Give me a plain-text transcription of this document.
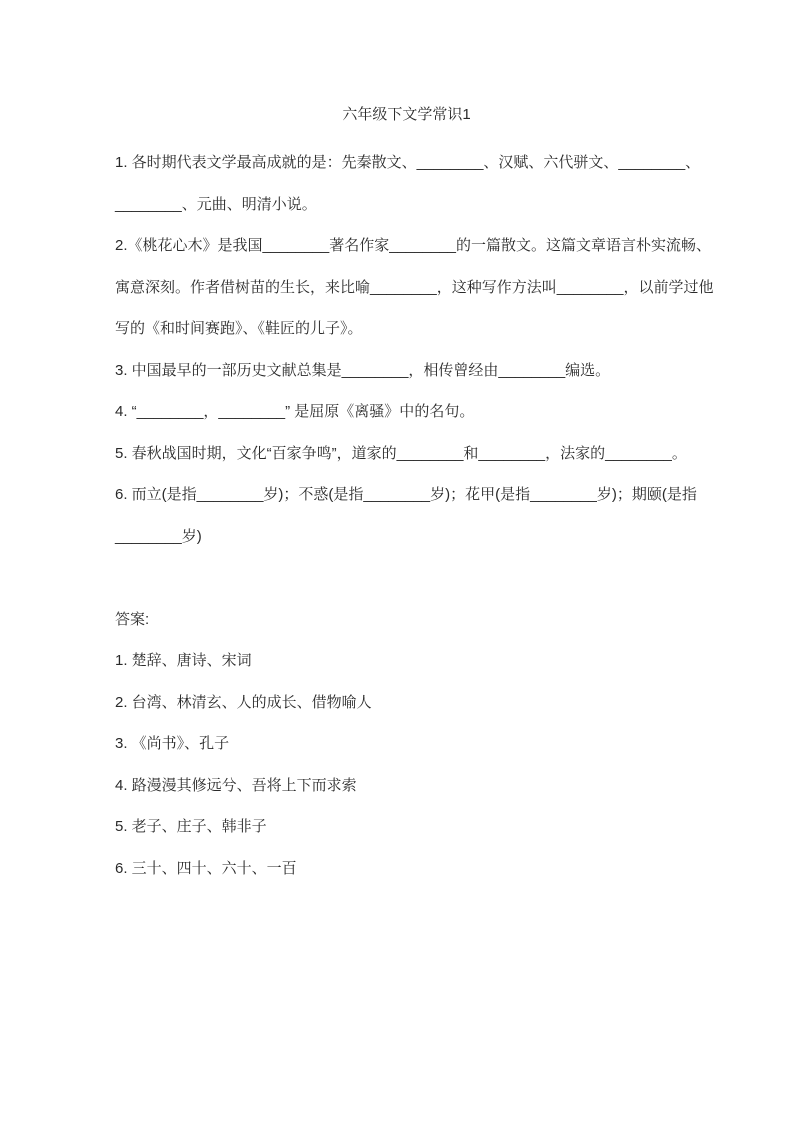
六年级下文学常识1
1. 各时期代表文学最高成就的是：先秦散文、________、汉赋、六代骈文、________、
________、元曲、明清小说。
2.《桃花心木》是我国________著名作家________的一篇散文。这篇文章语言朴实流畅、
寓意深刻。作者借树苗的生长，来比喻________，这种写作方法叫________，以前学过他
写的《和时间赛跑》、《鞋匠的儿子》。
3. 中国最早的一部历史文献总集是________，相传曾经由________编选。
4. “________，________” 是屈原《离骚》中的名句。
5. 春秋战国时期，文化“百家争鸣”，道家的________和________，法家的________。
6. 而立(是指________岁)；不惑(是指________岁)；花甲(是指________岁)；期颐(是指
________岁)
答案:
1. 楚辞、唐诗、宋词
2. 台湾、林清玄、人的成长、借物喻人
3. 《尚书》、孔子
4. 路漫漫其修远兮、吾将上下而求索
5. 老子、庄子、韩非子
6. 三十、四十、六十、一百
